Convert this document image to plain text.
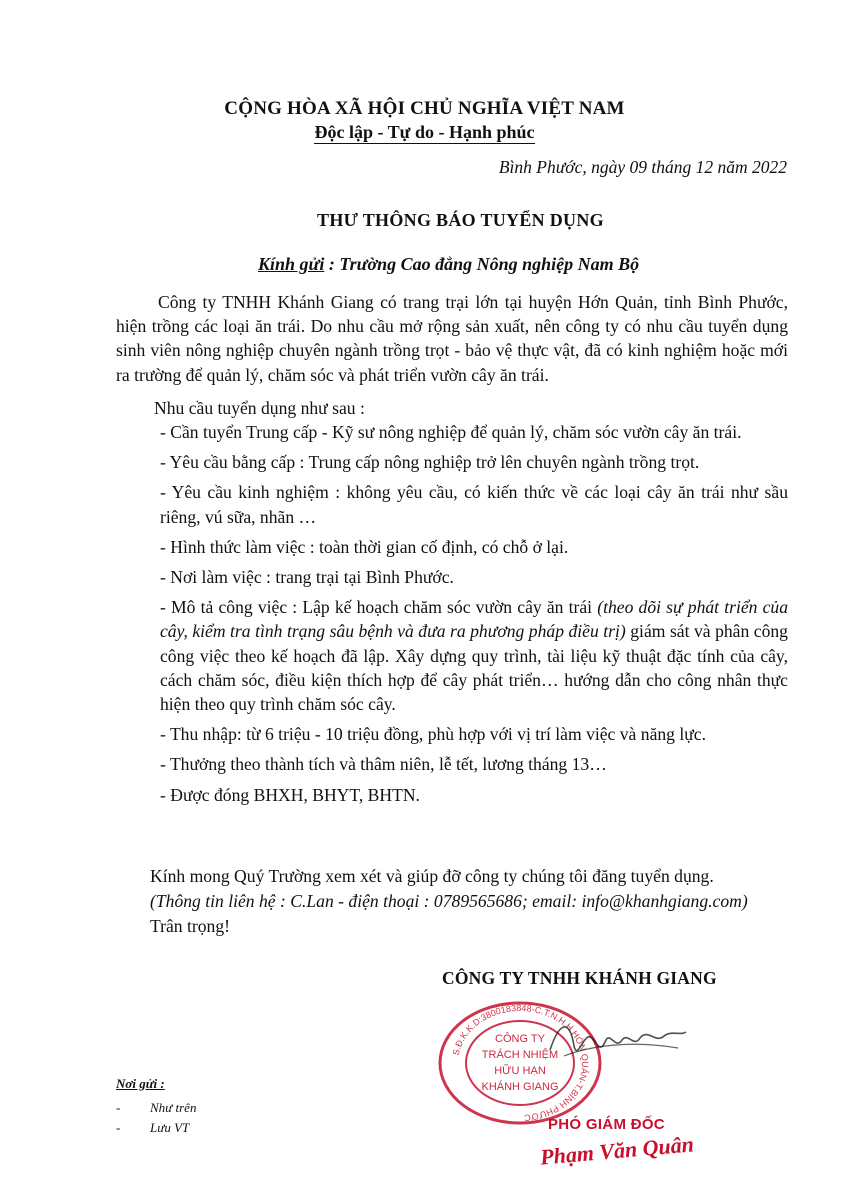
CỘNG HÒA XÃ HỘI CHỦ NGHĨA VIỆT NAM
Độc lập - Tự do - Hạnh phúc
Bình Phước, ngày 09 tháng 12 năm 2022
THƯ THÔNG BÁO TUYỂN DỤNG
Kính gửi : Trường Cao đẳng Nông nghiệp Nam Bộ

Công ty TNHH Khánh Giang có trang trại lớn tại huyện Hớn Quản, tỉnh Bình Phước, hiện trồng các loại ăn trái. Do nhu cầu mở rộng sản xuất, nên công ty có nhu cầu tuyển dụng sinh viên nông nghiệp chuyên ngành trồng trọt - bảo vệ thực vật, đã có kinh nghiệm hoặc mới ra trường để quản lý, chăm sóc và phát triển vườn cây ăn trái.

Nhu cầu tuyển dụng như sau :

- Cần tuyển Trung cấp - Kỹ sư nông nghiệp để quản lý, chăm sóc vườn cây ăn trái.

- Yêu cầu bằng cấp : Trung cấp nông nghiệp trở lên chuyên ngành trồng trọt.

- Yêu cầu kinh nghiệm : không yêu cầu, có kiến thức về các loại cây ăn trái như sầu riêng, vú sữa, nhãn …

- Hình thức làm việc : toàn thời gian cố định, có chỗ ở lại.

- Nơi làm việc : trang trại tại Bình Phước.

- Mô tả công việc : Lập kế hoạch chăm sóc vườn cây ăn trái (theo dõi sự phát triển của cây, kiểm tra tình trạng sâu bệnh và đưa ra phương pháp điều trị) giám sát và phân công công việc theo kế hoạch đã lập. Xây dựng quy trình, tài liệu kỹ thuật đặc tính của cây, cách chăm sóc, điều kiện thích hợp để cây phát triển… hướng dẫn cho công nhân thực hiện theo quy trình chăm sóc cây.

- Thu nhập: từ 6 triệu - 10 triệu đồng, phù hợp với vị trí làm việc và năng lực.

- Thưởng theo thành tích và thâm niên, lễ tết, lương tháng 13…

- Được đóng BHXH, BHYT, BHTN.

Kính mong Quý Trường xem xét và giúp đỡ công ty chúng tôi đăng tuyển dụng.

(Thông tin liên hệ : C.Lan - điện thoại : 0789565686; email: info@khanhgiang.com)

Trân trọng!

CÔNG TY TNHH KHÁNH GIANG
S.Đ.K.K.D:3800183848-C.T.N.H.H HỚN QUẢN-T.BÌNH PHƯỚC
CÔNG TY
TRÁCH NHIỆM
HỮU HẠN
KHÁNH GIANG
PHÓ GIÁM ĐỐC
Phạm Văn Quân
Nơi gửi :
- Như trên
- Lưu VT
